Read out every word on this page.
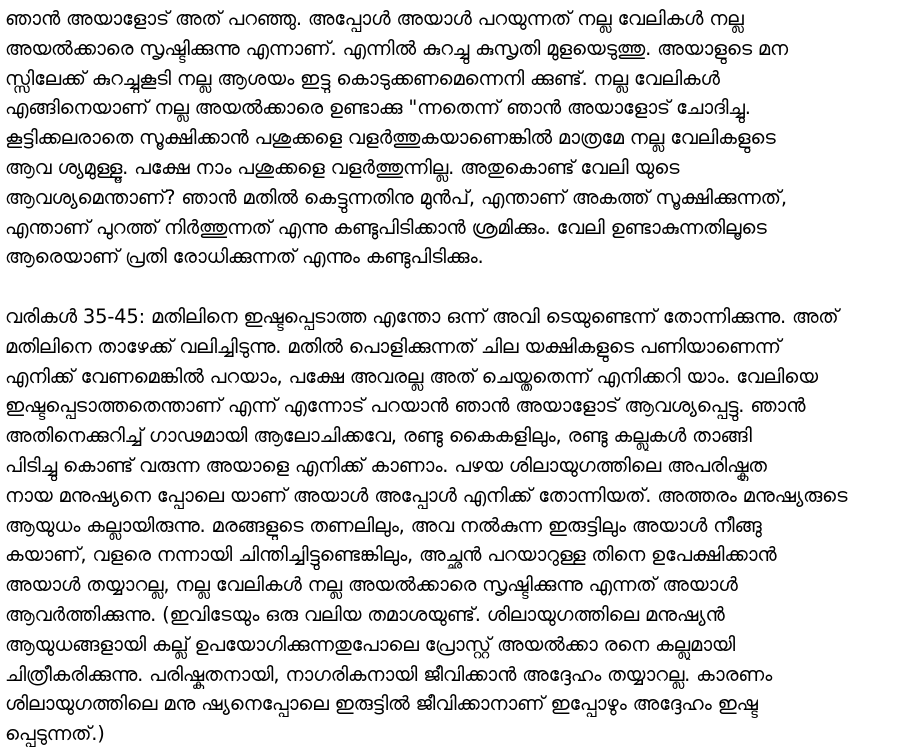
ഞാൻ അയാളോട് അത് പറഞ്ഞു. അപ്പോൾ അയാൾ പറയുന്നത് നല്ല വേലികൾ നല്ല
അയൽക്കാരെ സൃഷ്ടിക്കുന്നു എന്നാണ്. എന്നിൽ കുറച്ചു കുസൃതി മുളയെടുത്തു. അയാളുടെ മന
സ്സിലേക്ക് കുറച്ചുകൂടി നല്ല ആശയം ഇട്ടു കൊടുക്കണമെന്നെനി ക്കുണ്ട്. നല്ല വേലികൾ
എങ്ങിനെയാണ് നല്ല അയൽക്കാരെ ഉണ്ടാക്കു "ന്നതെന്ന് ഞാൻ അയാളോട് ചോദിച്ചു.
കൂട്ടിക്കലരാതെ സൂക്ഷിക്കാൻ പശുക്കളെ വളർത്തുകയാണെങ്കിൽ മാത്രമേ നല്ല വേലികളുടെ
ആവ ശ്യമുള്ളൂ. പക്ഷേ നാം പശുക്കളെ വളർത്തുന്നില്ല. അതുകൊണ്ട് വേലി യുടെ
ആവശ്യമെന്താണ്? ഞാൻ മതിൽ കെട്ടുന്നതിനു മുൻപ്, എന്താണ് അകത്ത് സൂക്ഷിക്കുന്നത്,
എന്താണ് പുറത്ത് നിർത്തുന്നത് എന്നു കണ്ടുപിടിക്കാൻ ശ്രമിക്കും. വേലി ഉണ്ടാകുന്നതിലൂടെ
ആരെയാണ് പ്രതി രോധിക്കുന്നത് എന്നും കണ്ടുപിടിക്കും.
വരികൾ 35-45: മതിലിനെ ഇഷ്ടപ്പെടാത്ത എന്തോ ഒന്ന് അവി ടെയുണ്ടെന്ന് തോന്നിക്കുന്നു. അത്
മതിലിനെ താഴേക്ക് വലിച്ചിടുന്നു. മതിൽ പൊളിക്കുന്നത് ചില യക്ഷികളുടെ പണിയാണെന്ന്
എനിക്ക് വേണമെങ്കിൽ പറയാം, പക്ഷേ അവരല്ല അത് ചെയ്തതെന്ന് എനിക്കറി യാം. വേലിയെ
ഇഷ്ടപ്പെടാത്തതെന്താണ് എന്ന് എന്നോട് പറയാൻ ഞാൻ അയാളോട് ആവശ്യപ്പെട്ടു. ഞാൻ
അതിനെക്കുറിച്ച് ഗാഢമായി ആലോചിക്കവേ, രണ്ടു കൈകളിലും, രണ്ടു കല്ലുകൾ താങ്ങി
പിടിച്ചു കൊണ്ട് വരുന്ന അയാളെ എനിക്ക് കാണാം. പഴയ ശിലായുഗത്തിലെ അപരിഷ്കൃത
നായ മനുഷ്യനെ പ്പോലെ യാണ് അയാൾ അപ്പോൾ എനിക്ക് തോന്നിയത്. അത്തരം മനുഷ്യരുടെ
ആയുധം കല്ലായിരുന്നു. മരങ്ങളുടെ തണലിലും, അവ നൽകുന്ന ഇരുട്ടിലും അയാൾ നീങ്ങു
കയാണ്, വളരെ നന്നായി ചിന്തിച്ചിട്ടുണ്ടെങ്കിലും, അച്ഛൻ പറയാറുള്ള തിനെ ഉപേക്ഷിക്കാൻ
അയാൾ തയ്യാറല്ല, നല്ല വേലികൾ നല്ല അയൽക്കാരെ സൃഷ്ടിക്കുന്നു എന്നത് അയാൾ
ആവർത്തിക്കുന്നു. (ഇവിടേയും ഒരു വലിയ തമാശയുണ്ട്. ശിലായുഗത്തിലെ മനുഷ്യൻ
ആയുധങ്ങളായി കല്ല് ഉപയോഗിക്കുന്നതുപോലെ പ്രോസ്റ്റ് അയൽക്കാ രനെ കല്ലുമായി
ചിത്രീകരിക്കുന്നു. പരിഷ്കൃതനായി, നാഗരികനായി ജീവിക്കാൻ അദ്ദേഹം തയ്യാറല്ല. കാരണം
ശിലായുഗത്തിലെ മനു ഷ്യനെപ്പോലെ ഇരുട്ടിൽ ജീവിക്കാനാണ് ഇപ്പോഴും അദ്ദേഹം ഇഷ്ട
പ്പെടുന്നത്.)
